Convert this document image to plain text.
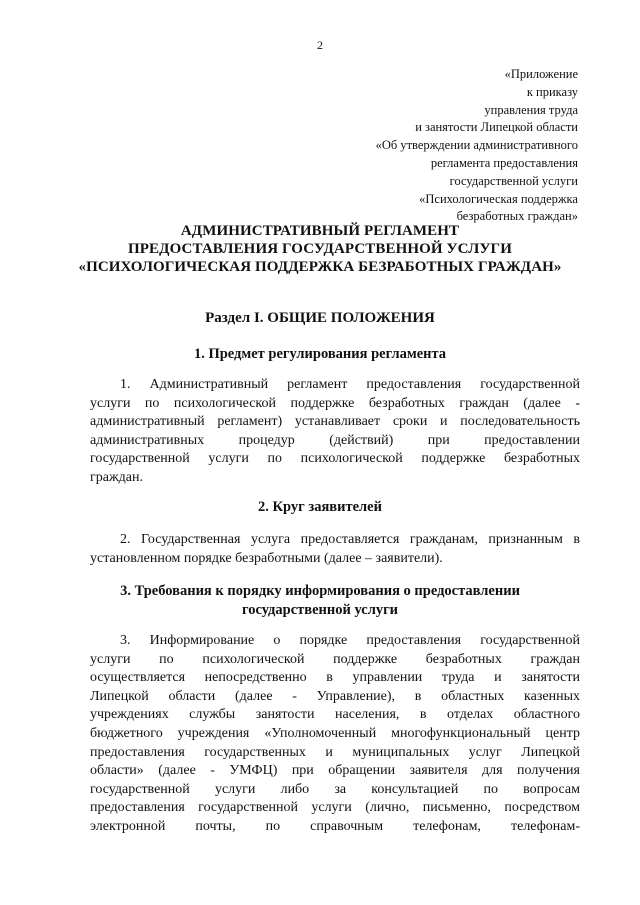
2
«Приложение
к приказу
управления труда
и занятости Липецкой области
«Об утверждении административного
регламента предоставления
государственной услуги
«Психологическая поддержка
безработных граждан»
АДМИНИСТРАТИВНЫЙ РЕГЛАМЕНТ
ПРЕДОСТАВЛЕНИЯ ГОСУДАРСТВЕННОЙ УСЛУГИ
«ПСИХОЛОГИЧЕСКАЯ ПОДДЕРЖКА БЕЗРАБОТНЫХ ГРАЖДАН»
Раздел I. ОБЩИЕ ПОЛОЖЕНИЯ
1. Предмет регулирования регламента
1. Административный регламент предоставления государственной
услуги по психологической поддержке безработных граждан (далее -
административный регламент) устанавливает сроки и последовательность
административных процедур (действий) при предоставлении
государственной услуги по психологической поддержке безработных
граждан.
2. Круг заявителей
2. Государственная услуга предоставляется гражданам, признанным в
установленном порядке безработными (далее – заявители).
3. Требования к порядку информирования о предоставлении
государственной услуги
3. Информирование о порядке предоставления государственной
услуги по психологической поддержке безработных граждан
осуществляется непосредственно в управлении труда и занятости
Липецкой области (далее - Управление), в областных казенных
учреждениях службы занятости населения, в отделах областного
бюджетного учреждения «Уполномоченный многофункциональный центр
предоставления государственных и муниципальных услуг Липецкой
области» (далее - УМФЦ) при обращении заявителя для получения
государственной услуги либо за консультацией по вопросам
предоставления государственной услуги (лично, письменно, посредством
электронной почты, по справочным телефонам, телефонам-
